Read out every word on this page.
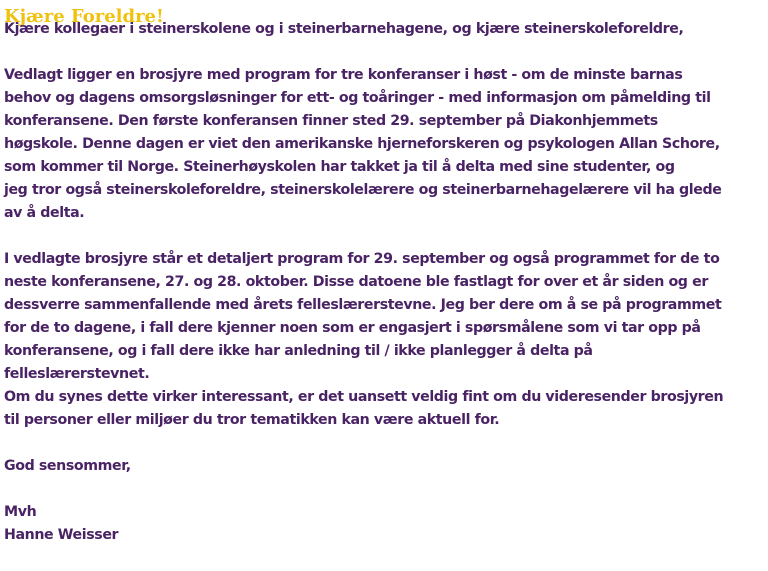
Kjære Foreldre!
Kjære kollegaer i steinerskolene og i steinerbarnehagene, og kjære steinerskoleforeldre,
Vedlagt ligger en brosjyre med program for tre konferanser i høst - om de minste barnas
behov og dagens omsorgsløsninger for ett- og toåringer - med informasjon om påmelding til
konferansene. Den første konferansen finner sted 29. september på Diakonhjemmets
høgskole. Denne dagen er viet den amerikanske hjerneforskeren og psykologen Allan Schore,
som kommer til Norge. Steinerhøyskolen har takket ja til å delta med sine studenter, og
jeg tror også steinerskoleforeldre, steinerskolelærere og steinerbarnehagelærere vil ha glede
av å delta.
I vedlagte brosjyre står et detaljert program for 29. september og også programmet for de to
neste konferansene, 27. og 28. oktober. Disse datoene ble fastlagt for over et år siden og er
dessverre sammenfallende med årets felleslærerstevne. Jeg ber dere om å se på programmet
for de to dagene, i fall dere kjenner noen som er engasjert i spørsmålene som vi tar opp på
konferansene, og i fall dere ikke har anledning til / ikke planlegger å delta på
felleslærerstevnet.
Om du synes dette virker interessant, er det uansett veldig fint om du videresender brosjyren
til personer eller miljøer du tror tematikken kan være aktuell for.
God sensommer,
Mvh
Hanne Weisser
